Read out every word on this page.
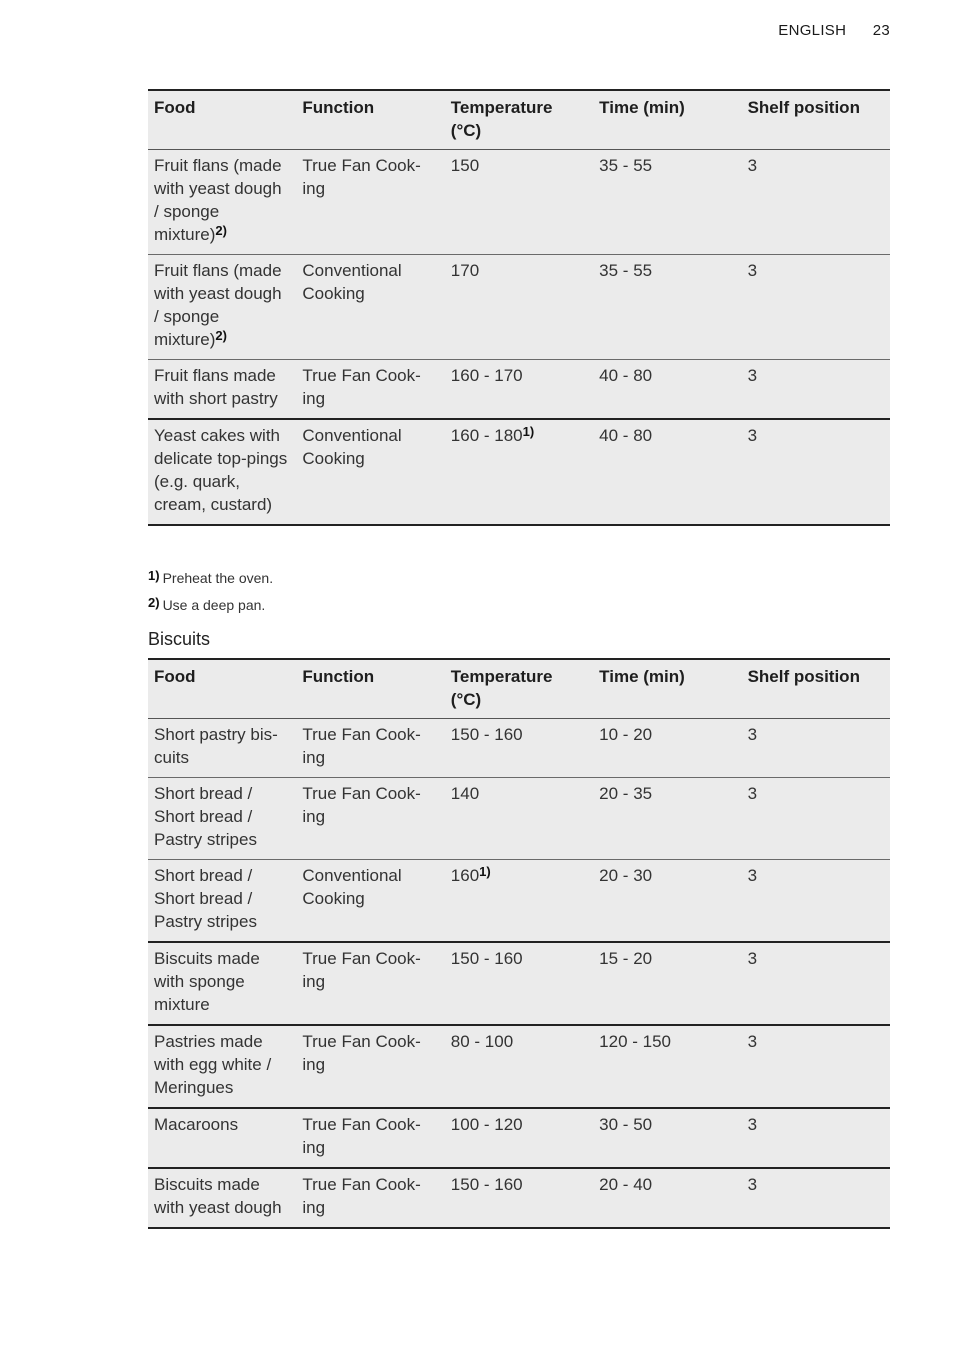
ENGLISH 23
Food	Function	Temperature (°C)	Time (min)	Shelf position
Fruit flans (made with yeast dough / sponge mixture)$^{2)}$	True Fan Cook-ing	150	35 - 55	3
Fruit flans (made with yeast dough / sponge mixture)$^{2)}$	Conventional Cooking	170	35 - 55	3
Fruit flans made with short pastry	True Fan Cook-ing	160 - 170	40 - 80	3
Yeast cakes with delicate top-pings (e.g. quark, cream, custard)	Conventional Cooking	160 - 180$^{1)}$	40 - 80	3
1) Preheat the oven.
2) Use a deep pan.
Biscuits
Food	Function	Temperature (°C)	Time (min)	Shelf position
Short pastry bis-cuits	True Fan Cook-ing	150 - 160	10 - 20	3
Short bread / Short bread / Pastry stripes	True Fan Cook-ing	140	20 - 35	3
Short bread / Short bread / Pastry stripes	Conventional Cooking	160$^{1)}$	20 - 30	3
Biscuits made with sponge mixture	True Fan Cook-ing	150 - 160	15 - 20	3
Pastries made with egg white / Meringues	True Fan Cook-ing	80 - 100	120 - 150	3
Macaroons	True Fan Cook-ing	100 - 120	30 - 50	3
Biscuits made with yeast dough	True Fan Cook-ing	150 - 160	20 - 40	3
